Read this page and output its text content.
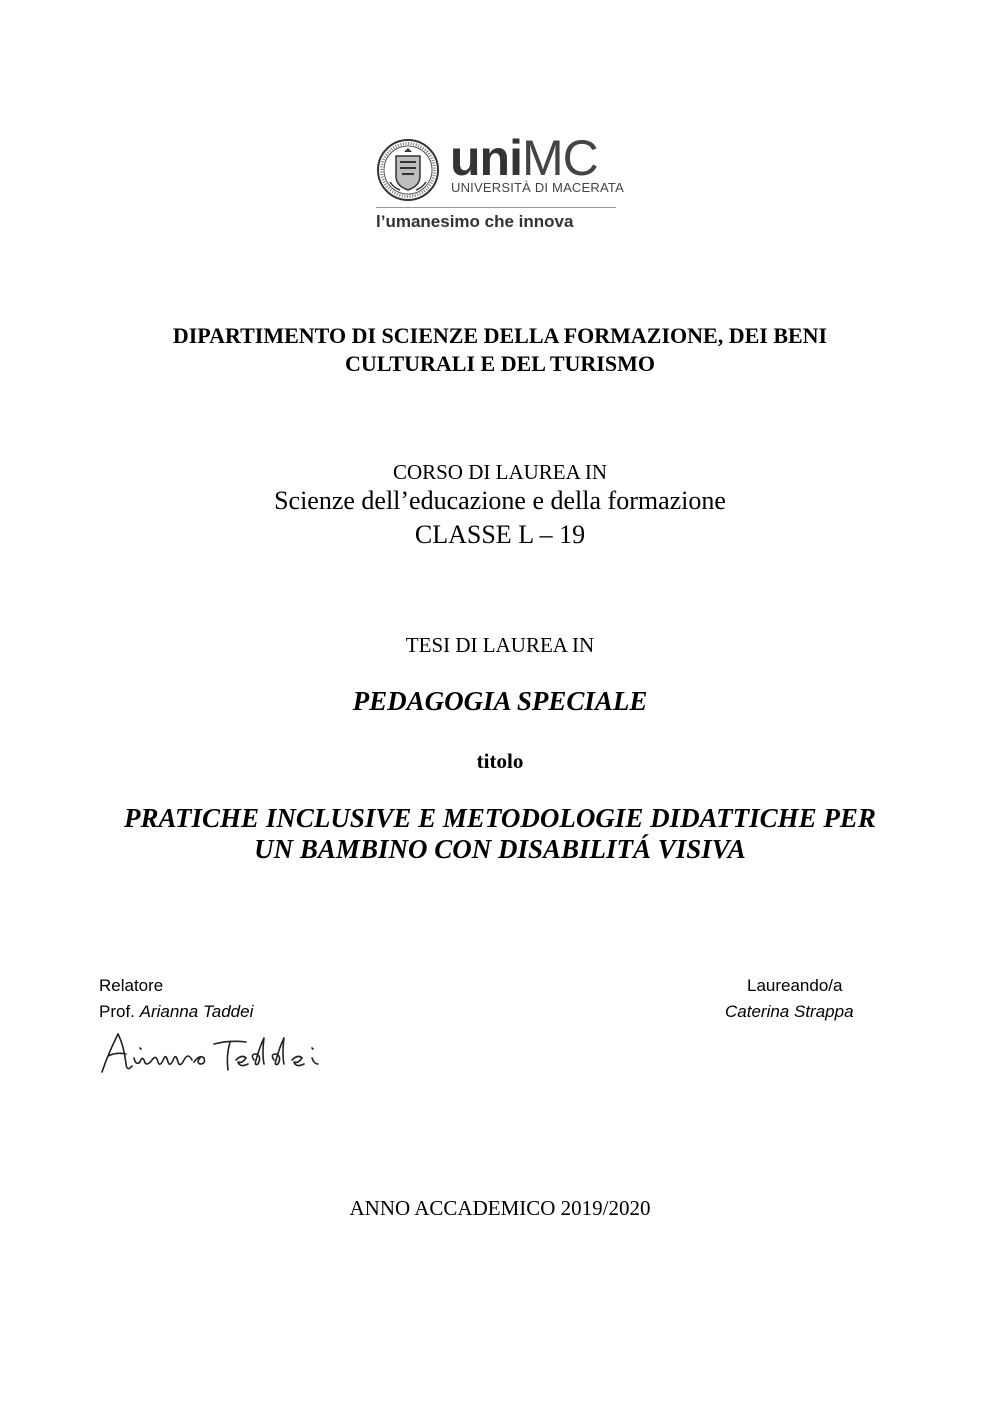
uniMC
UNIVERSITÀ DI MACERATA
l’umanesimo che innova
DIPARTIMENTO DI SCIENZE DELLA FORMAZIONE, DEI BENI
CULTURALI E DEL TURISMO
CORSO DI LAUREA IN
Scienze dell’educazione e della formazione
CLASSE L – 19
TESI DI LAUREA IN
PEDAGOGIA SPECIALE
titolo
PRATICHE INCLUSIVE E METODOLOGIE DIDATTICHE PER
UN BAMBINO CON DISABILITÁ VISIVA
Relatore
Prof. Arianna Taddei
Laureando/a
Caterina Strappa
ANNO ACCADEMICO 2019/2020
